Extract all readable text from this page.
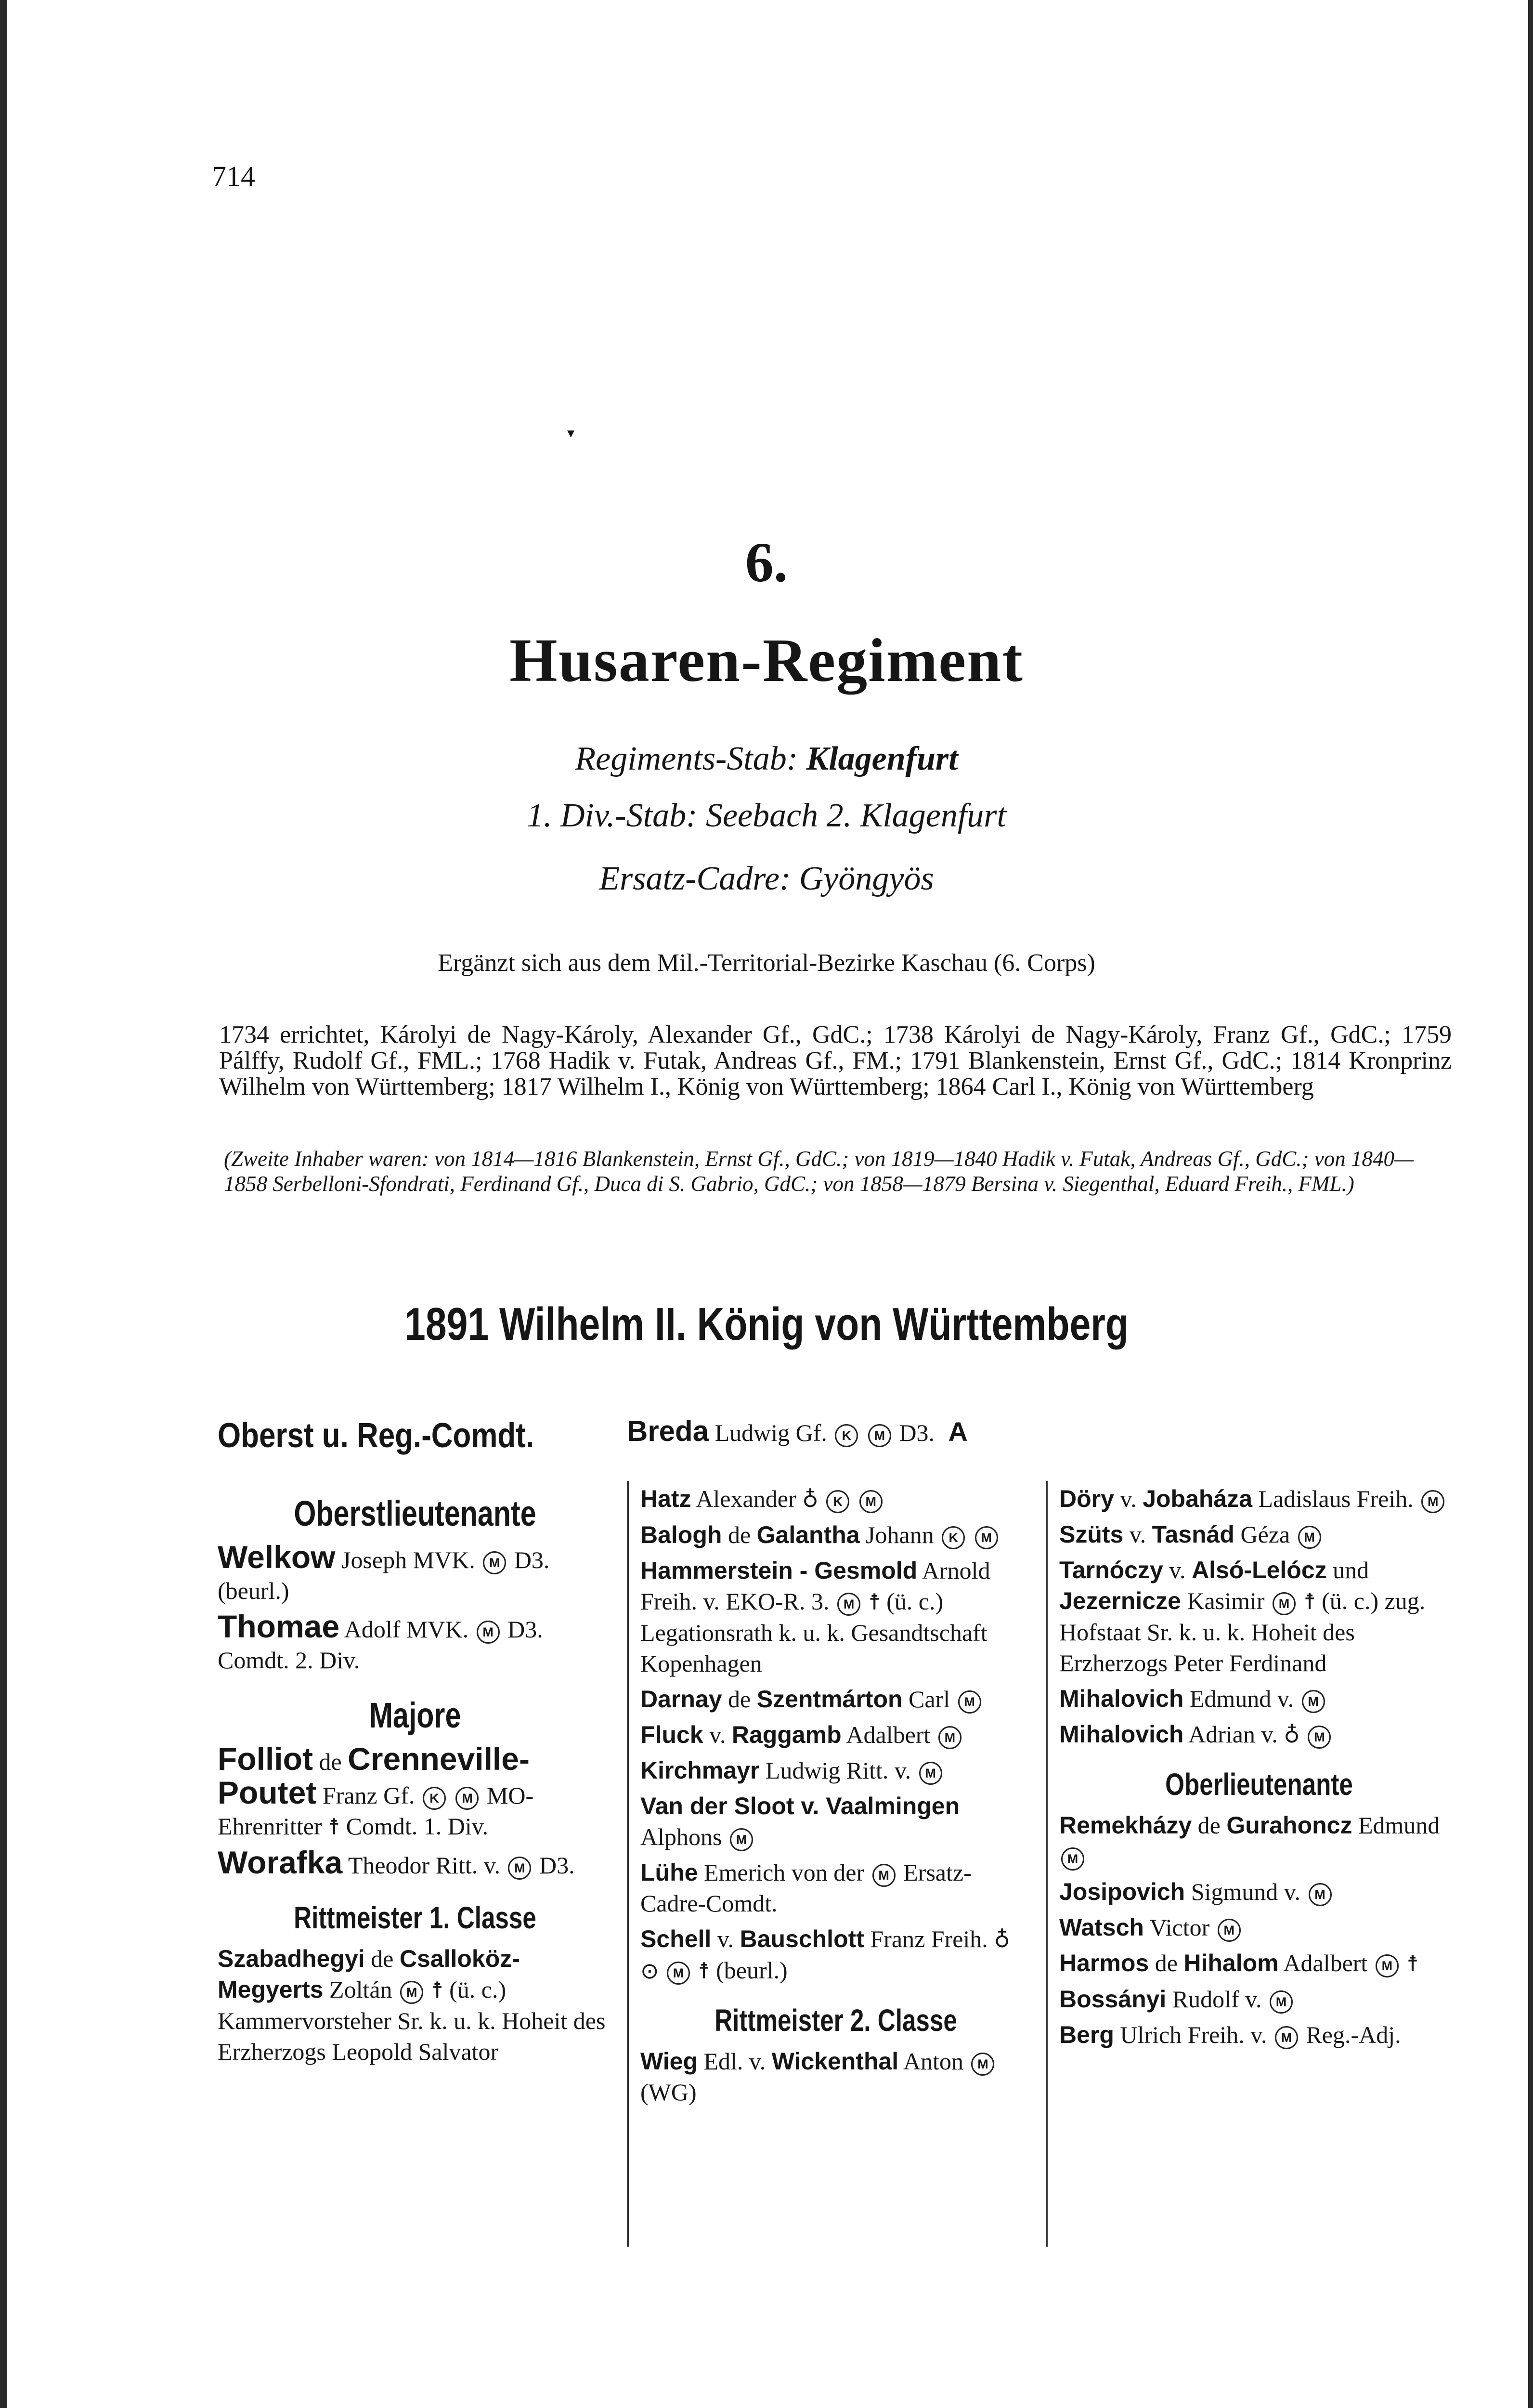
714
▾
6.
Husaren-Regiment
Regiments-Stab: Klagenfurt
1. Div.-Stab: Seebach 2. Klagenfurt
Ersatz-Cadre: Gyöngyös
Ergänzt sich aus dem Mil.-Territorial-Bezirke Kaschau (6. Corps)
1734 errichtet, Károlyi de Nagy-Károly, Alexander Gf., GdC.; 1738 Károlyi de Nagy-Károly, Franz Gf., GdC.; 1759 Pálffy, Rudolf Gf., FML.; 1768 Hadik v. Futak, Andreas Gf., FM.; 1791 Blankenstein, Ernst Gf., GdC.; 1814 Kronprinz Wilhelm von Württemberg; 1817 Wilhelm I., König von Württemberg; 1864 Carl I., König von Württemberg
(Zweite Inhaber waren: von 1814—1816 Blankenstein, Ernst Gf., GdC.; von 1819—1840 Hadik v. Futak, Andreas Gf., GdC.; von 1840—1858 Serbelloni-Sfondrati, Ferdinand Gf., Duca di S. Gabrio, GdC.; von 1858—1879 Bersina v. Siegenthal, Eduard Freih., FML.)
1891 Wilhelm II. König von Württemberg
Oberst u. Reg.-Comdt.	Breda Ludwig Gf. K M D3. A
Oberstlieutenante
Welkow Joseph MVK. M D3. (beurl.)
Thomae Adolf MVK. M D3. Comdt. 2. Div.
Majore
Folliot de Crenneville-Poutet Franz Gf. K M MO-Ehrenritter ☨ Comdt. 1. Div.
Worafka Theodor Ritt. v. M D3.
Rittmeister 1. Classe
Szabadhegyi de Csalloköz-Megyerts Zoltán M ☨ (ü. c.) Kammervorsteher Sr. k. u. k. Hoheit des Erzherzogs Leopold Salvator
Hatz Alexander ♁ K M
Balogh de Galantha Johann K M
Hammerstein - Gesmold Arnold Freih. v. EKO-R. 3. M ☨ (ü. c.) Legationsrath k. u. k. Gesandtschaft Kopenhagen
Darnay de Szentmárton Carl M
Fluck v. Raggamb Adalbert M
Kirchmayr Ludwig Ritt. v. M
Van der Sloot v. Vaalmingen Alphons M
Lühe Emerich von der M Ersatz-Cadre-Comdt.
Schell v. Bauschlott Franz Freih. ♁ ⊙ M ☨ (beurl.)
Rittmeister 2. Classe
Wieg Edl. v. Wickenthal Anton M (WG)
Döry v. Jobaháza Ladislaus Freih. M
Szüts v. Tasnád Géza M
Tarnóczy v. Alsó-Lelócz und Jezernicze Kasimir M ☨ (ü. c.) zug. Hofstaat Sr. k. u. k. Hoheit des Erzherzogs Peter Ferdinand
Mihalovich Edmund v. M
Mihalovich Adrian v. ♁ M
Oberlieutenante
Remekházy de Gurahoncz Edmund M
Josipovich Sigmund v. M
Watsch Victor M
Harmos de Hihalom Adalbert M ☨
Bossányi Rudolf v. M
Berg Ulrich Freih. v. M Reg.-Adj.
